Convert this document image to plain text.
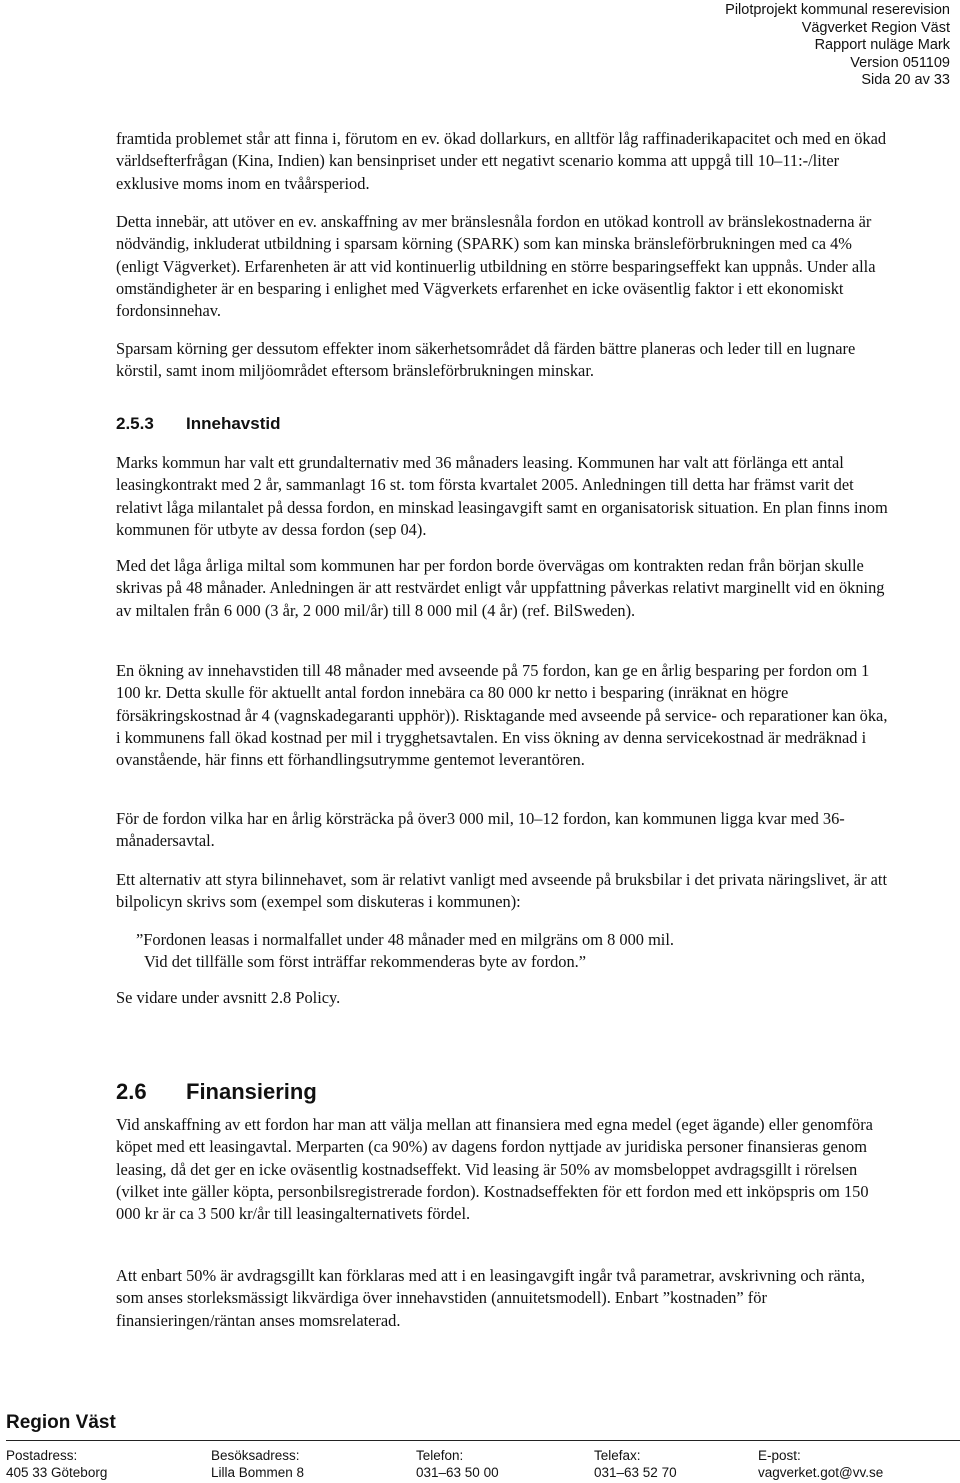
Pilotprojekt kommunal reserevision
Vägverket Region Väst
Rapport nuläge Mark
Version 051109
Sida 20 av 33

framtida problemet står att finna i, förutom en ev. ökad dollarkurs, en alltför låg raffinaderikapacitet och med en ökad världsefterfrågan (Kina, Indien) kan bensinpriset under ett negativt scenario komma att uppgå till 10–11:-/liter exklusive moms inom en tvåårsperiod.

Detta innebär, att utöver en ev. anskaffning av mer bränslesnåla fordon en utökad kontroll av bränslekostnaderna är nödvändig, inkluderat utbildning i sparsam körning (SPARK) som kan minska bränsleförbrukningen med ca 4% (enligt Vägverket). Erfarenheten är att vid kontinuerlig utbildning en större besparingseffekt kan uppnås. Under alla omständigheter är en besparing i enlighet med Vägverkets erfarenhet en icke oväsentlig faktor i ett ekonomiskt fordonsinnehav.

Sparsam körning ger dessutom effekter inom säkerhetsområdet då färden bättre planeras och leder till en lugnare körstil, samt inom miljöområdet eftersom bränsleförbrukningen minskar.

2.5.3 Innehavstid

Marks kommun har valt ett grundalternativ med 36 månaders leasing. Kommunen har valt att förlänga ett antal leasingkontrakt med 2 år, sammanlagt 16 st. tom första kvartalet 2005. Anledningen till detta har främst varit det relativt låga milantalet på dessa fordon, en minskad leasingavgift samt en organisatorisk situation. En plan finns inom kommunen för utbyte av dessa fordon (sep 04).

Med det låga årliga miltal som kommunen har per fordon borde övervägas om kontrakten redan från början skulle skrivas på 48 månader. Anledningen är att restvärdet enligt vår uppfattning påverkas relativt marginellt vid en ökning av miltalen från 6 000 (3 år, 2 000 mil/år) till 8 000 mil (4 år) (ref. BilSweden).

En ökning av innehavstiden till 48 månader med avseende på 75 fordon, kan ge en årlig besparing per fordon om 1 100 kr. Detta skulle för aktuellt antal fordon innebära ca 80 000 kr netto i besparing (inräknat en högre försäkringskostnad år 4 (vagnskadegaranti upphör)). Risktagande med avseende på service- och reparationer kan öka, i kommunens fall ökad kostnad per mil i trygghetsavtalen. En viss ökning av denna servicekostnad är medräknad i ovanstående, här finns ett förhandlingsutrymme gentemot leverantören.

För de fordon vilka har en årlig körsträcka på över3 000 mil, 10–12 fordon, kan kommunen ligga kvar med 36-månadersavtal.

Ett alternativ att styra bilinnehavet, som är relativt vanligt med avseende på bruksbilar i det privata näringslivet, är att bilpolicyn skrivs som (exempel som diskuteras i kommunen):

”Fordonen leasas i normalfallet under 48 månader med en milgräns om 8 000 mil.

Vid det tillfälle som först inträffar rekommenderas byte av fordon.”

Se vidare under avsnitt 2.8 Policy.

2.6 Finansiering

Vid anskaffning av ett fordon har man att välja mellan att finansiera med egna medel (eget ägande) eller genomföra köpet med ett leasingavtal. Merparten (ca 90%) av dagens fordon nyttjade av juridiska personer finansieras genom leasing, då det ger en icke oväsentlig kostnadseffekt. Vid leasing är 50% av momsbeloppet avdragsgillt i rörelsen (vilket inte gäller köpta, personbilsregistrerade fordon). Kostnadseffekten för ett fordon med ett inköpspris om 150 000 kr är ca 3 500 kr/år till leasingalternativets fördel.

Att enbart 50% är avdragsgillt kan förklaras med att i en leasingavgift ingår två parametrar, avskrivning och ränta, som anses storleksmässigt likvärdiga över innehavstiden (annuitetsmodell). Enbart ”kostnaden” för finansieringen/räntan anses momsrelaterad.

Region Väst
Postadress:
405 33 Göteborg
Besöksadress:
Lilla Bommen 8
Telefon:
031–63 50 00
Telefax:
031–63 52 70
E-post:
vagverket.got@vv.se
